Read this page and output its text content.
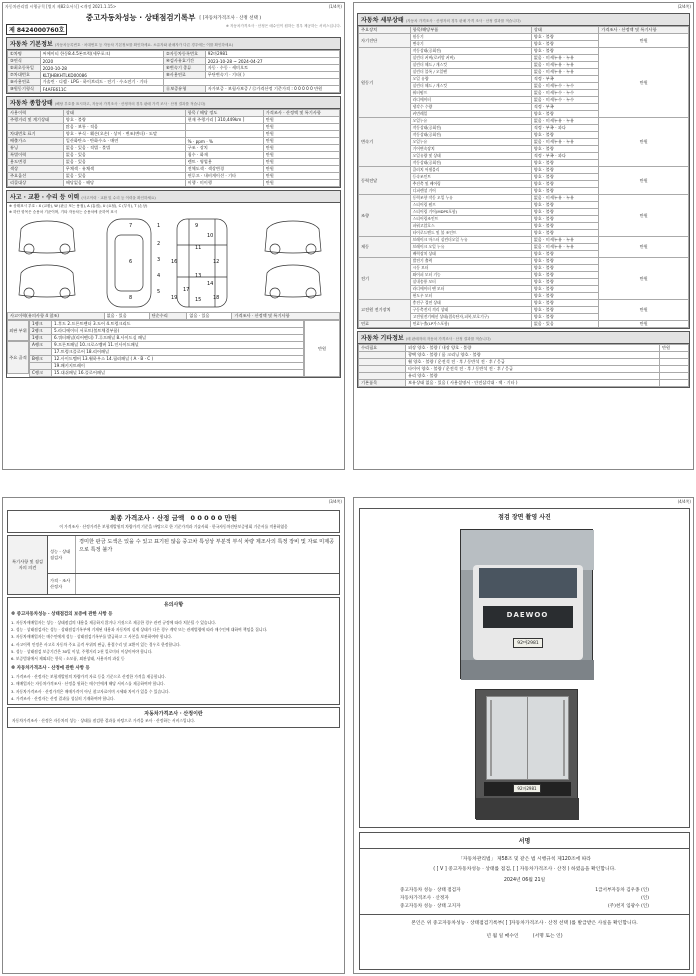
자동차관리법 시행규칙 [별지 제82호서식] <개정 2021.1.15>	(1/4쪽)
중고자동차성능 · 상태점검기록부 [ ]자동차가격조사 · 산정 선택 )
제 8424000760호
※ 자동차가격조사 · 산정은 매수인이 원하는 경우 제공하는 서비스입니다.
자동차 기본정보 (자동차등록번호 · 차대번호 등 자동차 기본정보를 확인하세요. 소유자와 판매자가 다른 경우에는 이를 확인하세요)
①차명	씨에이티 한동8.4.5톤트럭(세무포크)	②자동차등록번호	92마2981
③연식	2020	④검사유효기간	2023-10-28 ~ 2024-04-27
⑤최초등록일	2020-10-28	⑥변속기 종류	자동 · 수동 · 세미오토
⑦차대번호	KLTJHBKHTLKD00086	⑧사용연료	무단변속기 · 기타( )
⑨사용연료	가솔린 · 디젤 · LPG · 하이브리드 · 전기 · 수소전기 · 기타		
⑩원동기형식	F4AFE611C	⑪보증유형	자가보증 · 보험사보증 / ⑫가격산정 기준가격 : 0 0 0 0 0 만원
자동차 종합상태 (해당 부호를 표시하고, 자동차 가격조사 · 산정자의 경우 판매 가격 조사 · 산정 결과를 적습니다)
사용이력	상태	항목 / 해당 정도	가격조사 · 산정액 및 특기사항
주행거리 및 계기상태	양호 · 불량	현재 주행거리 [ 310,449km ]	만원
	많음 · 보통 · 적음		만원
차대번호 표기	양호 · 부식 · 훼손(오손) · 상이 · 변조(변타) · 도말		만원
배출가스	일산화탄소 · 탄화수소 · 매연	% · ppm · %	만원
튜닝	없음 · 있음 · 적법 · 불법	구조 · 장치	만원
특별이력	없음 · 있음	침수 · 화재	만원
용도변경	없음 · 있음	렌트 · 영업용	만원
색상	무채색 · 유채색	전체도색 · 색상변경	만원
주요옵션	없음 · 있음	썬루프 · 내비게이션 · 기타	만원
리콜대상	해당없음 · 해당	이행 · 미이행	만원
사고 · 교환 · 수리 등 이력 (사고이력 · 교환 및 수리 등 이력을 확인하세요)
※ 상태표시 부호 : X (교환), W (판금 또는 용접), A (흠집), U (요철), C (부식), T (손상)
※ 하단 항목은 승용차 기준이며, 기타 자동차는 승용차에 준하여 표시
1
2
3
4
5
6
7
8
9
10
11
12
13
14
15
16
17
18
19
사고이력(유의사항 4 참조)	없음 · 있음	단순수리	없음 · 있음	가격조사 · 산정액 및 특기사항
외판 부위
주요 골격
1랭크	1.후드 2.프론트펜더 3.도어 4.트렁크리드
2랭크	5.라디에이터 서포트(볼트체결부품)
1랭크	6.쿼터패널(리어펜더) 7.루프패널 8.사이드실 패널
A랭크	9.프론트패널 10.크로스멤버 11.인사이드패널
	17.트렁크플로어 18.리어패널
B랭크	12.사이드멤버 13.휠하우스 14.필러패널 ( A · B · C )
	19.패키지트레이
C랭크	15.대쉬패널 16.플로어패널
만원
(2/4쪽)
자동차 세부상태 (자동차 가격조사 · 산정자의 경우 판매 가격 조사 · 산정 결과를 적습니다)
주요장치	항목/해당부품	상태	가격조사 · 산정액 및 특기사항
자기진단	원동기	양호 · 불량	만원
	변속기	양호 · 불량	
원동기	작동상태(공회전)	양호 · 불량	만원
	실린더 커버(로커암 커버)	없음 · 미세누유 · 누유	
	실린더 헤드 / 개스킷	없음 · 미세누유 · 누유	
	실린더 블록 / 오일팬	없음 · 미세누유 · 누유	
	오일 유량	적정 · 부족	
	실린더 헤드 / 개스킷	없음 · 미세누수 · 누수	
	워터펌프	없음 · 미세누수 · 누수	
	라디에이터	없음 · 미세누수 · 누수	
	냉각수 수량	적정 · 부족	
	커먼레일	양호 · 불량	
변속기	오일누유	없음 · 미세누유 · 누유	만원
	작동상태(공회전)	적정 · 부족 · 과다	
	작동상태(공회전)	양호 · 불량	
	오일누유	없음 · 미세누유 · 누유	
	기어변속장치	양호 · 불량	
	오일유량 및 상태	적정 · 부족 · 과다	
	작동상태(공회전)	양호 · 불량	
동력전달	클러치 어셈블리	양호 · 불량	만원
	등속조인트	양호 · 불량	
	추진축 및 베어링	양호 · 불량	
	디퍼렌셜 기어	양호 · 불량	
조향	동력조향 작동 오일 누유	없음 · 미세누유 · 누유	만원
	스티어링 펌프	양호 · 불량	
	스티어링 기어(MDPS포함)	양호 · 불량	
	스티어링조인트	양호 · 불량	
	파워고압호스	양호 · 불량	
	타이로드엔드 및 볼 조인트	양호 · 불량	
제동	브레이크 마스터 실린더오일 누유	없음 · 미세누유 · 누유	만원
	브레이크 오일 누유	없음 · 미세누유 · 누유	
	배력장치 상태	양호 · 불량	
전기	발전기 출력	양호 · 불량	만원
	시동 모터	양호 · 불량	
	와이퍼 모터 기능	양호 · 불량	
	실내송풍 모터	양호 · 불량	
	라디에이터 팬 모터	양호 · 불량	
	윈도우 모터	양호 · 불량	
고전원 전기장치	충전구 절연 상태	양호 · 불량	만원
	구동축전지 격리 상태	양호 · 불량	
	고전원전기배선 상태(접속단자,피복,보호기구)	양호 · 불량	
연료	연료누출(LP가스포함)	없음 · 있음	만원
자동차 기타정보 (매 판매자의 자동차 가격조사 · 산정 결과를 적습니다)
수리필요	외장 양호 · 불량 / 내장 양호 · 불량	만원
	광택 양호 · 불량 / 룸 크리닝 양호 · 불량	
	휠 양호 · 불량 / 운전석 전 · 후 / 동반석 전 · 후 / 응급	
	타이어 양호 · 불량 / 운전석 전 · 후 / 동반석 전 · 후 / 응급	
	유리 양호 · 불량	
기본품목	보유상태 없음 · 있음 ( 사용설명서 · 안전삼각대 · 잭 · 기타 )	
(3/4쪽)
최종 가격조사 · 산정 금액 0 0 0 0 0 만원
이 가격조사 · 산정가격은 보험개발원의 차량가격 기준을 바탕으로 한 기준가격과 기술사회 · 한국자동차진단보증협회 기준서를 적용하였음
특기사항 및 점검자의 의견
성능 · 상태 점검자
경미한 판금 도색은 있을 수 있고 표기된 않음 중고차 특성상 부분적 부식 차량 제조사의 특정 장비 및 자료 미제공으로 특정 불가
가격 · 조사산정자
유의사항
※ 중고자동차성능 · 상태점검의 보증에 관한 사항 등
1. 자동차매매업자는 성능 · 상태점검의 내용을 제공하지 않거나 거짓으로 제공한 경우 관련 규정에 따라 처분될 수 있습니다.
2. 성능 · 상태점검자는 성능 · 상태점검기록부에 기재된 내용과 자동차의 실제 상태가 다른 경우 계약 또는 관계법령에 따라 매수인에 대하여 책임을 집니다.
3. 자동차매매업자는 매수인에게 성능 · 상태점검기록부를 발급하고 그 사본을 보관하여야 합니다.
4. 사고이력 인정은 사고로 자동차 주요 골격 부위의 판금, 용접수리 및 교환이 있는 경우로 한정합니다.
5. 성능 · 상태점검 보증기간은 30일 이상, 주행거리 2천 킬로미터 이상이어야 합니다.
6. 보증범위에서 제외되는 항목 : 소모품, 외관상태, 사용자의 과실 등
※ 자동차가격조사 · 산정에 관한 사항 등
1. 가격조사 · 산정자는 보험개발원의 차량가격 자료 등을 기준으로 산정한 가격을 제공합니다.
2. 매매업자는 자동차가격조사 · 산정을 원하는 매수인에게 해당 서비스를 제공하여야 합니다.
3. 자동차가격조사 · 산정가격은 매매가격이 아닌 참고자료이며 시세와 차이가 있을 수 있습니다.
4. 가격조사 · 산정자는 산정 결과를 성실히 기재하여야 합니다.
자동차가격조사 · 산정이란
자동차가격조사 · 산정은 자동차의 성능 · 상태를 점검한 결과를 바탕으로 가격을 조사 · 산정하는 서비스입니다.
(4/4쪽)
점검 장면 촬영 사진
DAEWOO
92마2981
92마2981
서명
「자동차관리법」 제58조 및 같은 법 시행규칙 제120조에 따라
( [ V ] 중고자동차성능 · 상태를 점검, [ ] 자동차가격조사 · 산정 ) 하였음을 확인합니다.
2024년 06월 21일
중고자동차 성능 · 상태 점검자	1급서부자동차 김우종 (인)
자동차가격조사 · 산정자	(인)
중고자동차 성능 · 상태 고지자	(주)천지 임광수 (인)
본인은 위 중고자동차성능 · 상태점검기록부( [ ]자동차가격조사 · 산정 선택 )를 발급받은 사실을 확인합니다.
년 월 일 매수인	(서명 또는 인)
